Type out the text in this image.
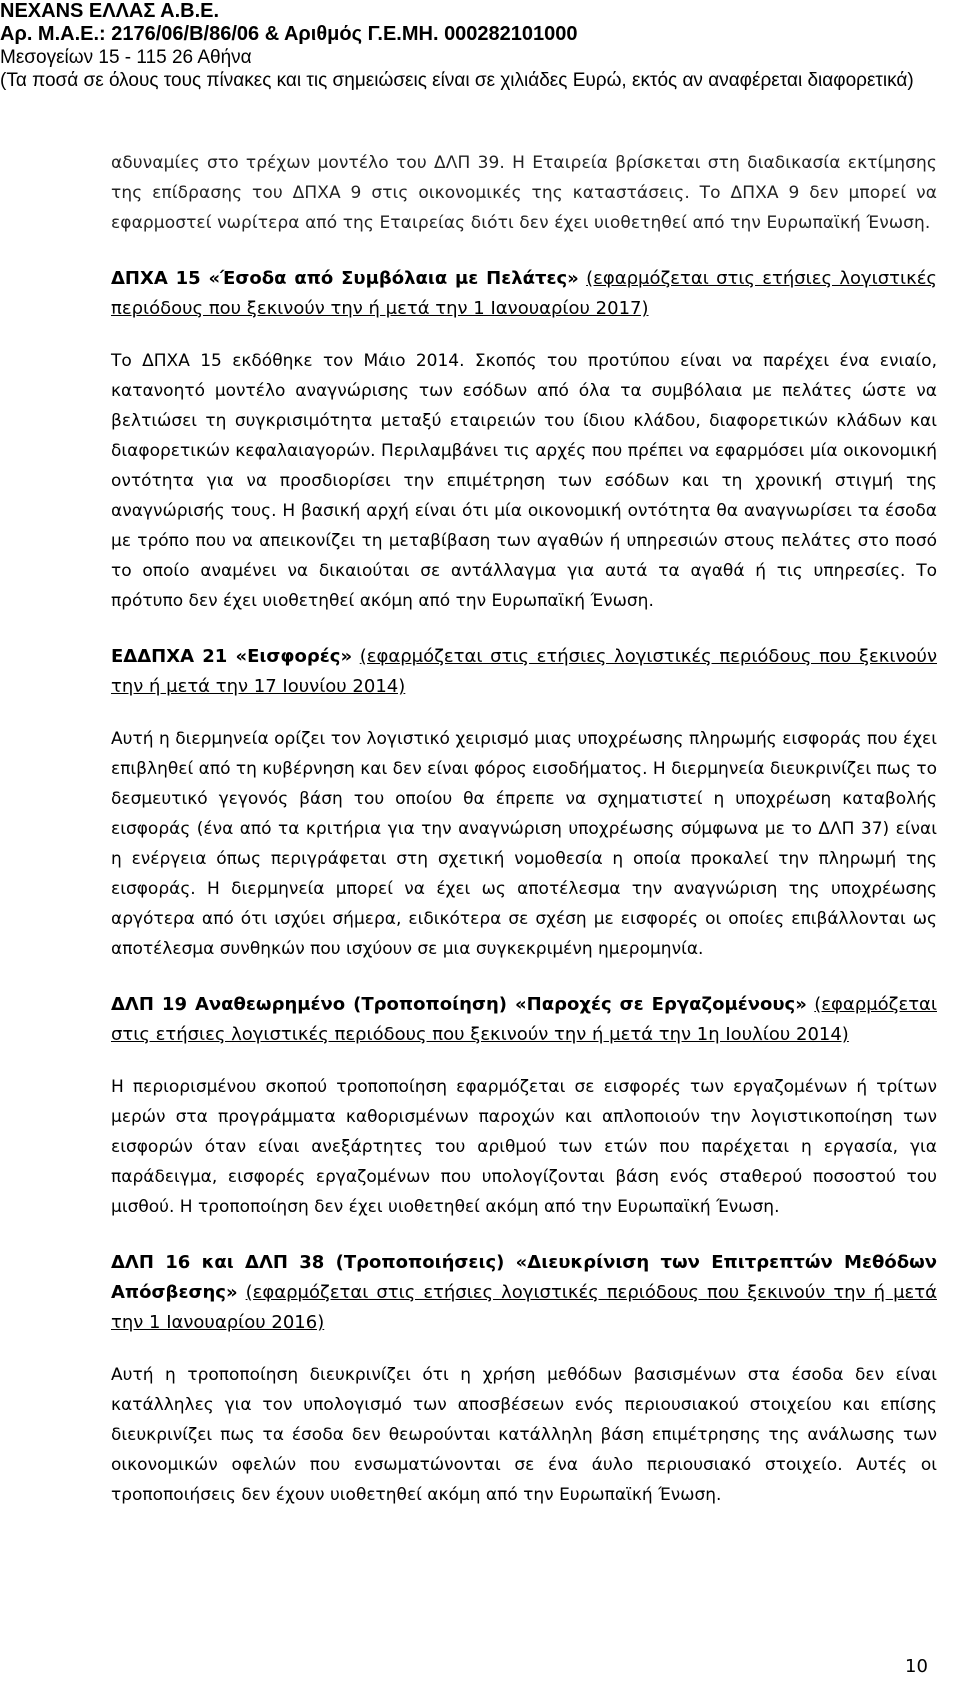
ΝΕΧΑΝS ΕΛΛΑΣ Α.Β.Ε.

Αρ. Μ.Α.Ε.: 2176/06/Β/86/06 & Αριθμός Γ.Ε.ΜΗ. 000282101000

Μεσογείων 15 - 115 26 Αθήνα

(Τα ποσά σε όλους τους πίνακες και τις σημειώσεις είναι σε χιλιάδες Ευρώ, εκτός αν αναφέρεται διαφορετικά)

αδυναμίες στο τρέχων μοντέλο του ΔΛΠ 39. Η Εταιρεία βρίσκεται στη διαδικασία εκτίμησης της επίδρασης του ΔΠΧΑ 9 στις οικονομικές της καταστάσεις. Το ΔΠΧΑ 9 δεν μπορεί να εφαρμοστεί νωρίτερα από της Εταιρείας διότι δεν έχει υιοθετηθεί από την Ευρωπαϊκή Ένωση.

ΔΠΧΑ 15 «Έσοδα από Συμβόλαια με Πελάτες» (εφαρμόζεται στις ετήσιες λογιστικές περιόδους που ξεκινούν την ή μετά την 1 Ιανουαρίου 2017)

Το ΔΠΧΑ 15 εκδόθηκε τον Μάιο 2014. Σκοπός του προτύπου είναι να παρέχει ένα ενιαίο, κατανοητό μοντέλο αναγνώρισης των εσόδων από όλα τα συμβόλαια με πελάτες ώστε να βελτιώσει τη συγκρισιμότητα μεταξύ εταιρειών του ίδιου κλάδου, διαφορετικών κλάδων και διαφορετικών κεφαλαιαγορών. Περιλαμβάνει τις αρχές που πρέπει να εφαρμόσει μία οικονομική οντότητα για να προσδιορίσει την επιμέτρηση των εσόδων και τη χρονική στιγμή της αναγνώρισής τους. Η βασική αρχή είναι ότι μία οικονομική οντότητα θα αναγνωρίσει τα έσοδα με τρόπο που να απεικονίζει τη μεταβίβαση των αγαθών ή υπηρεσιών στους πελάτες στο ποσό το οποίο αναμένει να δικαιούται σε αντάλλαγμα για αυτά τα αγαθά ή τις υπηρεσίες. Το πρότυπο δεν έχει υιοθετηθεί ακόμη από την Ευρωπαϊκή Ένωση.

ΕΔΔΠΧΑ 21 «Εισφορές» (εφαρμόζεται στις ετήσιες λογιστικές περιόδους που ξεκινούν την ή μετά την 17 Ιουνίου 2014)

Αυτή η διερμηνεία ορίζει τον λογιστικό χειρισμό μιας υποχρέωσης πληρωμής εισφοράς που έχει επιβληθεί από τη κυβέρνηση και δεν είναι φόρος εισοδήματος. Η διερμηνεία διευκρινίζει πως το δεσμευτικό γεγονός βάση του οποίου θα έπρεπε να σχηματιστεί η υποχρέωση καταβολής εισφοράς (ένα από τα κριτήρια για την αναγνώριση υποχρέωσης σύμφωνα με το ΔΛΠ 37) είναι η ενέργεια όπως περιγράφεται στη σχετική νομοθεσία η οποία προκαλεί την πληρωμή της εισφοράς. Η διερμηνεία μπορεί να έχει ως αποτέλεσμα την αναγνώριση της υποχρέωσης αργότερα από ότι ισχύει σήμερα, ειδικότερα σε σχέση με εισφορές οι οποίες επιβάλλονται ως αποτέλεσμα συνθηκών που ισχύουν σε μια συγκεκριμένη ημερομηνία.

ΔΛΠ 19 Αναθεωρημένο (Τροποποίηση) «Παροχές σε Εργαζομένους» (εφαρμόζεται στις ετήσιες λογιστικές περιόδους που ξεκινούν την ή μετά την 1η Ιουλίου 2014)

Η περιορισμένου σκοπού τροποποίηση εφαρμόζεται σε εισφορές των εργαζομένων ή τρίτων μερών στα προγράμματα καθορισμένων παροχών και απλοποιούν την λογιστικοποίηση των εισφορών όταν είναι ανεξάρτητες του αριθμού των ετών που παρέχεται η εργασία, για παράδειγμα, εισφορές εργαζομένων που υπολογίζονται βάση ενός σταθερού ποσοστού του μισθού. Η τροποποίηση δεν έχει υιοθετηθεί ακόμη από την Ευρωπαϊκή Ένωση.

ΔΛΠ 16 και ΔΛΠ 38 (Τροποποιήσεις) «Διευκρίνιση των Επιτρεπτών Μεθόδων Απόσβεσης» (εφαρμόζεται στις ετήσιες λογιστικές περιόδους που ξεκινούν την ή μετά την 1 Ιανουαρίου 2016)

Αυτή η τροποποίηση διευκρινίζει ότι η χρήση μεθόδων βασισμένων στα έσοδα δεν είναι κατάλληλες για τον υπολογισμό των αποσβέσεων ενός περιουσιακού στοιχείου και επίσης διευκρινίζει πως τα έσοδα δεν θεωρούνται κατάλληλη βάση επιμέτρησης της ανάλωσης των οικονομικών οφελών που ενσωματώνονται σε ένα άυλο περιουσιακό στοιχείο. Αυτές οι τροποποιήσεις δεν έχουν υιοθετηθεί ακόμη από την Ευρωπαϊκή Ένωση.

10
